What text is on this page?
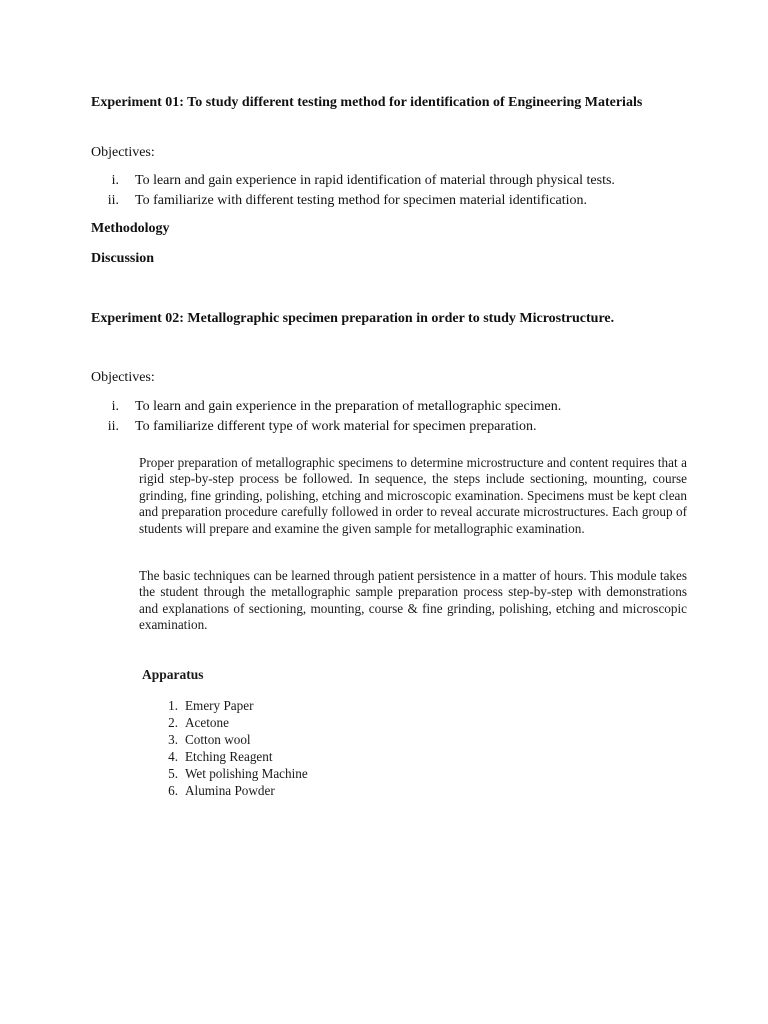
Experiment 01: To study different testing method for identification of Engineering Materials

Objectives:

i. To learn and gain experience in rapid identification of material through physical tests.
ii. To familiarize with different testing method for specimen material identification.

Methodology

Discussion

Experiment 02: Metallographic specimen preparation in order to study Microstructure.

Objectives:

i. To learn and gain experience in the preparation of metallographic specimen.
ii. To familiarize different type of work material for specimen preparation.

Proper preparation of metallographic specimens to determine microstructure and content requires that a rigid step-by-step process be followed. In sequence, the steps include sectioning, mounting, course grinding, fine grinding, polishing, etching and microscopic examination. Specimens must be kept clean and preparation procedure carefully followed in order to reveal accurate microstructures. Each group of students will prepare and examine the given sample for metallographic examination.

The basic techniques can be learned through patient persistence in a matter of hours. This module takes the student through the metallographic sample preparation process step-by-step with demonstrations and explanations of sectioning, mounting, course & fine grinding, polishing, etching and microscopic examination.

Apparatus

1. Emery Paper
2. Acetone
3. Cotton wool
4. Etching Reagent
5. Wet polishing Machine
6. Alumina Powder
